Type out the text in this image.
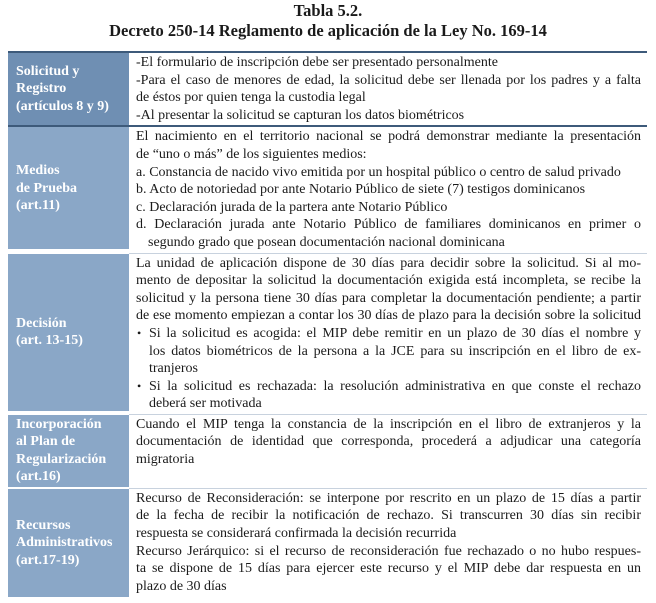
Tabla 5.2.
Decreto 250-14 Reglamento de aplicación de la Ley No. 169-14
Solicitud y
Registro
(artículos 8 y 9)
-El formulario de inscripción debe ser presentado personalmente
-Para el caso de menores de edad, la solicitud debe ser llenada por los padres y a falta
de éstos por quien tenga la custodia legal
-Al presentar la solicitud se capturan los datos biométricos
Medios
de Prueba
(art.11)
El nacimiento en el territorio nacional se podrá demonstrar mediante la presentación
de “uno o más” de los siguientes medios:
a. Constancia de nacido vivo emitida por un hospital público o centro de salud privado
b. Acto de notoriedad por ante Notario Público de siete (7) testigos dominicanos
c. Declaración jurada de la partera ante Notario Público
d. Declaración jurada ante Notario Público de familiares dominicanos en primer o
segundo grado que posean documentación nacional dominicana
Decisión
(art. 13-15)
La unidad de aplicación dispone de 30 días para decidir sobre la solicitud. Si al mo-
mento de depositar la solicitud la documentación exigida está incompleta, se recibe la
solicitud y la persona tiene 30 días para completar la documentación pendiente; a partir
de ese momento empiezan a contar los 30 días de plazo para la decisión sobre la solicitud
• Si la solicitud es acogida: el MIP debe remitir en un plazo de 30 días el nombre y
los datos biométricos de la persona a la JCE para su inscripción en el libro de ex-
tranjeros
• Si la solicitud es rechazada: la resolución administrativa en que conste el rechazo
deberá ser motivada
Incorporación
al Plan de
Regularización
(art.16)
Cuando el MIP tenga la constancia de la inscripción en el libro de extranjeros y la
documentación de identidad que corresponda, procederá a adjudicar una categoría
migratoria
Recursos
Administrativos
(art.17-19)
Recurso de Reconsideración: se interpone por rescrito en un plazo de 15 días a partir
de la fecha de recibir la notificación de rechazo. Si transcurren 30 días sin recibir
respuesta se considerará confirmada la decisión recurrida
Recurso Jerárquico: si el recurso de reconsideración fue rechazado o no hubo respues-
ta se dispone de 15 días para ejercer este recurso y el MIP debe dar respuesta en un
plazo de 30 días
